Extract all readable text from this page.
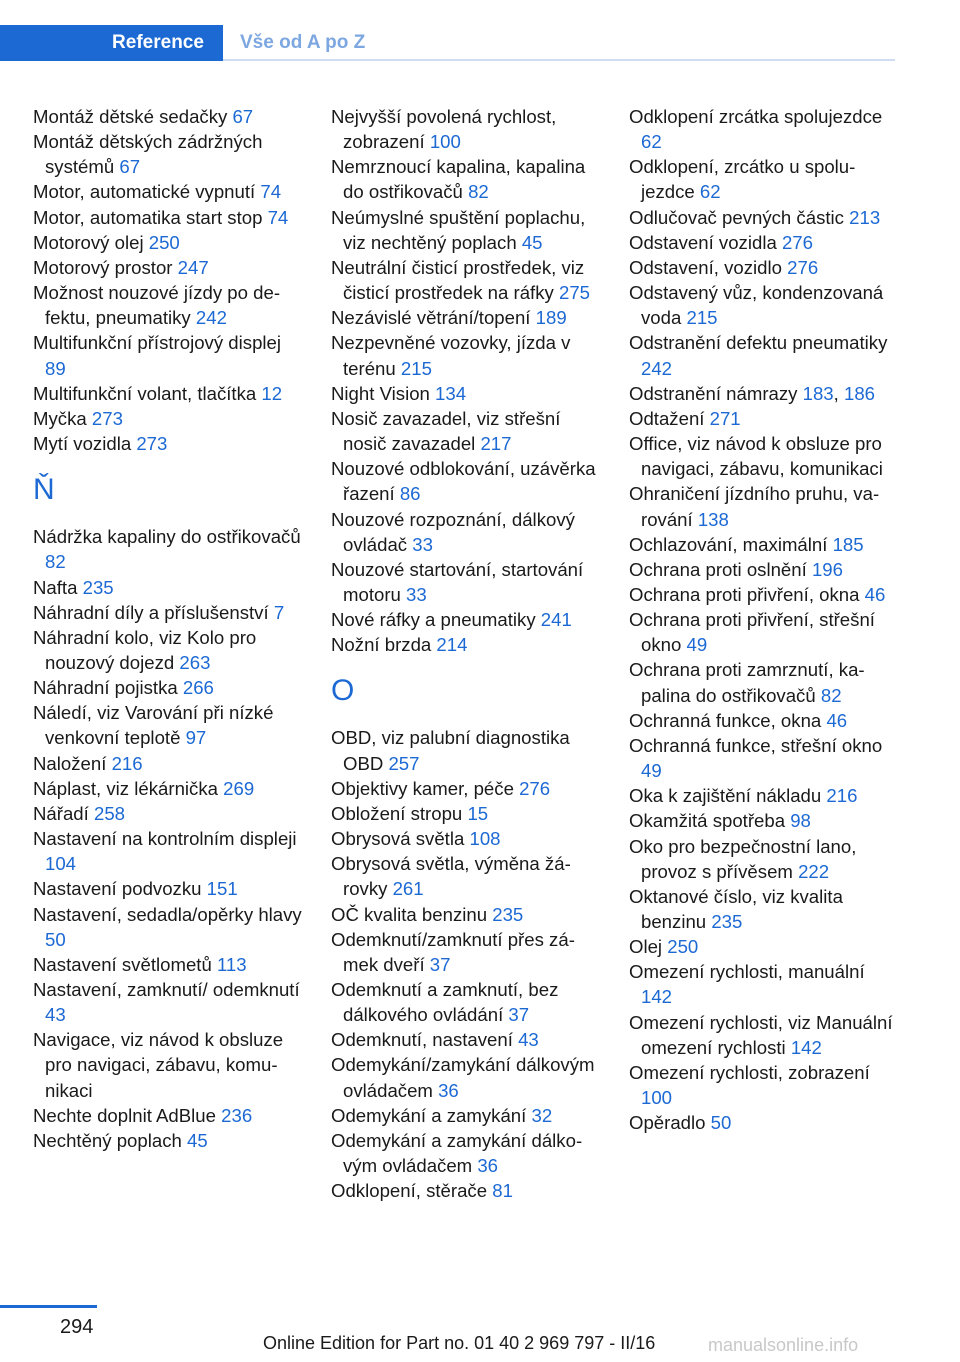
Reference	Vše od A po Z
Montáž dětské sedačky 67
Montáž dětských zádržných systémů 67
Motor, automatické vypnutí 74
Motor, automatika start stop 74
Motorový olej 250
Motorový prostor 247
Možnost nouzové jízdy po defektu, pneumatiky 242
Multifunkční přístrojový displej 89
Multifunkční volant, tlačítka 12
Myčka 273
Mytí vozidla 273
Ň
Nádržka kapaliny do ostřikovačů 82
Nafta 235
Náhradní díly a příslušenství 7
Náhradní kolo, viz Kolo pro nouzový dojezd 263
Náhradní pojistka 266
Náledí, viz Varování při nízké venkovní teplotě 97
Naložení 216
Náplast, viz lékárnička 269
Nářadí 258
Nastavení na kontrolním displeji 104
Nastavení podvozku 151
Nastavení, sedadla/opěrky hlavy 50
Nastavení světlometů 113
Nastavení, zamknutí/ odemknutí 43
Navigace, viz návod k obsluze pro navigaci, zábavu, komunikaci
Nechte doplnit AdBlue 236
Nechtěný poplach 45
Nejvyšší povolená rychlost, zobrazení 100
Nemrznoucí kapalina, kapalina do ostřikovačů 82
Neúmyslné spuštění poplachu, viz nechtěný poplach 45
Neutrální čisticí prostředek, viz čisticí prostředek na ráfky 275
Nezávislé větrání/topení 189
Nezpevněné vozovky, jízda v terénu 215
Night Vision 134
Nosič zavazadel, viz střešní nosič zavazadel 217
Nouzové odblokování, uzávěrka řazení 86
Nouzové rozpoznání, dálkový ovládač 33
Nouzové startování, startování motoru 33
Nové ráfky a pneumatiky 241
Nožní brzda 214
O
OBD, viz palubní diagnostika OBD 257
Objektivy kamer, péče 276
Obložení stropu 15
Obrysová světla 108
Obrysová světla, výměna žárovky 261
OČ kvalita benzinu 235
Odemknutí/zamknutí přes zámek dveří 37
Odemknutí a zamknutí, bez dálkového ovládání 37
Odemknutí, nastavení 43
Odemykání/zamykání dálkovým ovládačem 36
Odemykání a zamykání 32
Odemykání a zamykání dálkovým ovládačem 36
Odklopení, stěrače 81
Odklopení zrcátka spolujezdce 62
Odklopení, zrcátko u spolujezdce 62
Odlučovač pevných částic 213
Odstavení vozidla 276
Odstavení, vozidlo 276
Odstavený vůz, kondenzovaná voda 215
Odstranění defektu pneumatiky 242
Odstranění námrazy 183, 186
Odtažení 271
Office, viz návod k obsluze pro navigaci, zábavu, komunikaci
Ohraničení jízdního pruhu, varování 138
Ochlazování, maximální 185
Ochrana proti oslnění 196
Ochrana proti přivření, okna 46
Ochrana proti přivření, střešní okno 49
Ochrana proti zamrznutí, kapalina do ostřikovačů 82
Ochranná funkce, okna 46
Ochranná funkce, střešní okno 49
Oka k zajištění nákladu 216
Okamžitá spotřeba 98
Oko pro bezpečnostní lano, provoz s přívěsem 222
Oktanové číslo, viz kvalita benzinu 235
Olej 250
Omezení rychlosti, manuální 142
Omezení rychlosti, viz Manuální omezení rychlosti 142
Omezení rychlosti, zobrazení 100
Opěradlo 50
294
Online Edition for Part no. 01 40 2 969 797 - II/16	manualsonline.info
